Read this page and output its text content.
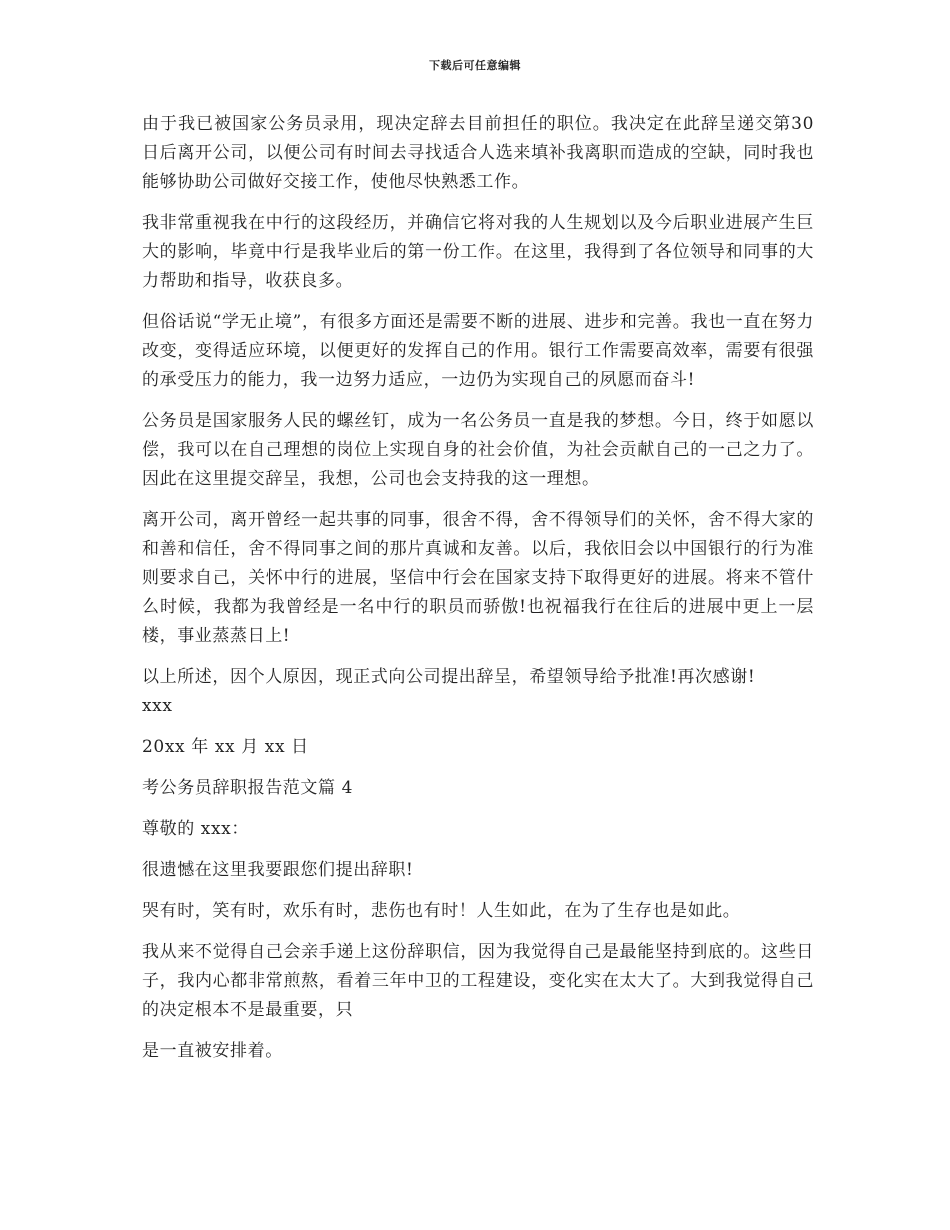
下载后可任意编辑

由于我已被国家公务员录用，现决定辞去目前担任的职位。我决定在此辞呈递交第30日后离开公司，以便公司有时间去寻找适合人选来填补我离职而造成的空缺，同时我也能够协助公司做好交接工作，使他尽快熟悉工作。

我非常重视我在中行的这段经历，并确信它将对我的人生规划以及今后职业进展产生巨大的影响，毕竟中行是我毕业后的第一份工作。在这里，我得到了各位领导和同事的大力帮助和指导，收获良多。

但俗话说“学无止境”，有很多方面还是需要不断的进展、进步和完善。我也一直在努力改变，变得适应环境，以便更好的发挥自己的作用。银行工作需要高效率，需要有很强的承受压力的能力，我一边努力适应，一边仍为实现自己的夙愿而奋斗!

公务员是国家服务人民的螺丝钉，成为一名公务员一直是我的梦想。今日，终于如愿以偿，我可以在自己理想的岗位上实现自身的社会价值，为社会贡献自己的一己之力了。因此在这里提交辞呈，我想，公司也会支持我的这一理想。

离开公司，离开曾经一起共事的同事，很舍不得，舍不得领导们的关怀，舍不得大家的和善和信任，舍不得同事之间的那片真诚和友善。以后，我依旧会以中国银行的行为准则要求自己，关怀中行的进展，坚信中行会在国家支持下取得更好的进展。将来不管什么时候，我都为我曾经是一名中行的职员而骄傲!也祝福我行在往后的进展中更上一层楼，事业蒸蒸日上!

以上所述，因个人原因，现正式向公司提出辞呈，希望领导给予批准!再次感谢!

xxx

20xx 年 xx 月 xx 日

考公务员辞职报告范文篇 4

尊敬的 xxx：

很遗憾在这里我要跟您们提出辞职!

哭有时，笑有时，欢乐有时，悲伤也有时！人生如此，在为了生存也是如此。

我从来不觉得自己会亲手递上这份辞职信，因为我觉得自己是最能坚持到底的。这些日子，我内心都非常煎熬，看着三年中卫的工程建设，变化实在太大了。大到我觉得自己的决定根本不是最重要，只

是一直被安排着。
